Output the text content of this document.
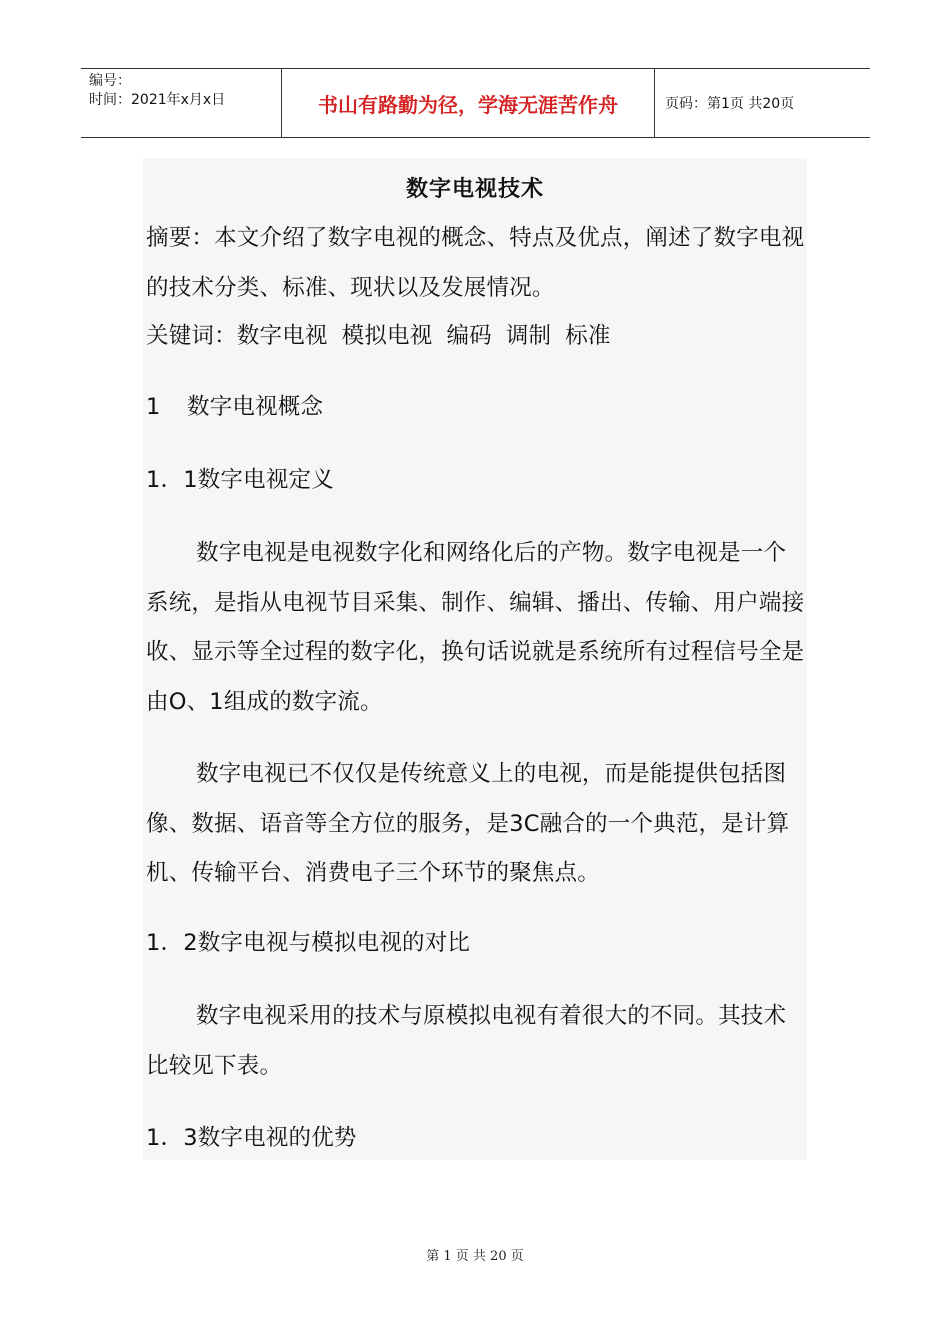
编号：
时间：2021年x月x日	书山有路勤为径，学海无涯苦作舟	页码：第1页 共20页
数字电视技术

摘要：本文介绍了数字电视的概念、特点及优点，阐述了数字电视的技术分类、标准、现状以及发展情况。

关键词：数字电视 模拟电视 编码 调制 标准

1 数字电视概念

1．1数字电视定义

数字电视是电视数字化和网络化后的产物。数字电视是一个系统，是指从电视节目采集、制作、编辑、播出、传输、用户端接收、显示等全过程的数字化，换句话说就是系统所有过程信号全是由O、1组成的数字流。

数字电视已不仅仅是传统意义上的电视，而是能提供包括图像、数据、语音等全方位的服务，是3C融合的一个典范，是计算机、传输平台、消费电子三个环节的聚焦点。

1．2数字电视与模拟电视的对比

数字电视采用的技术与原模拟电视有着很大的不同。其技术比较见下表。

1．3数字电视的优势

第 1 页 共 20 页
